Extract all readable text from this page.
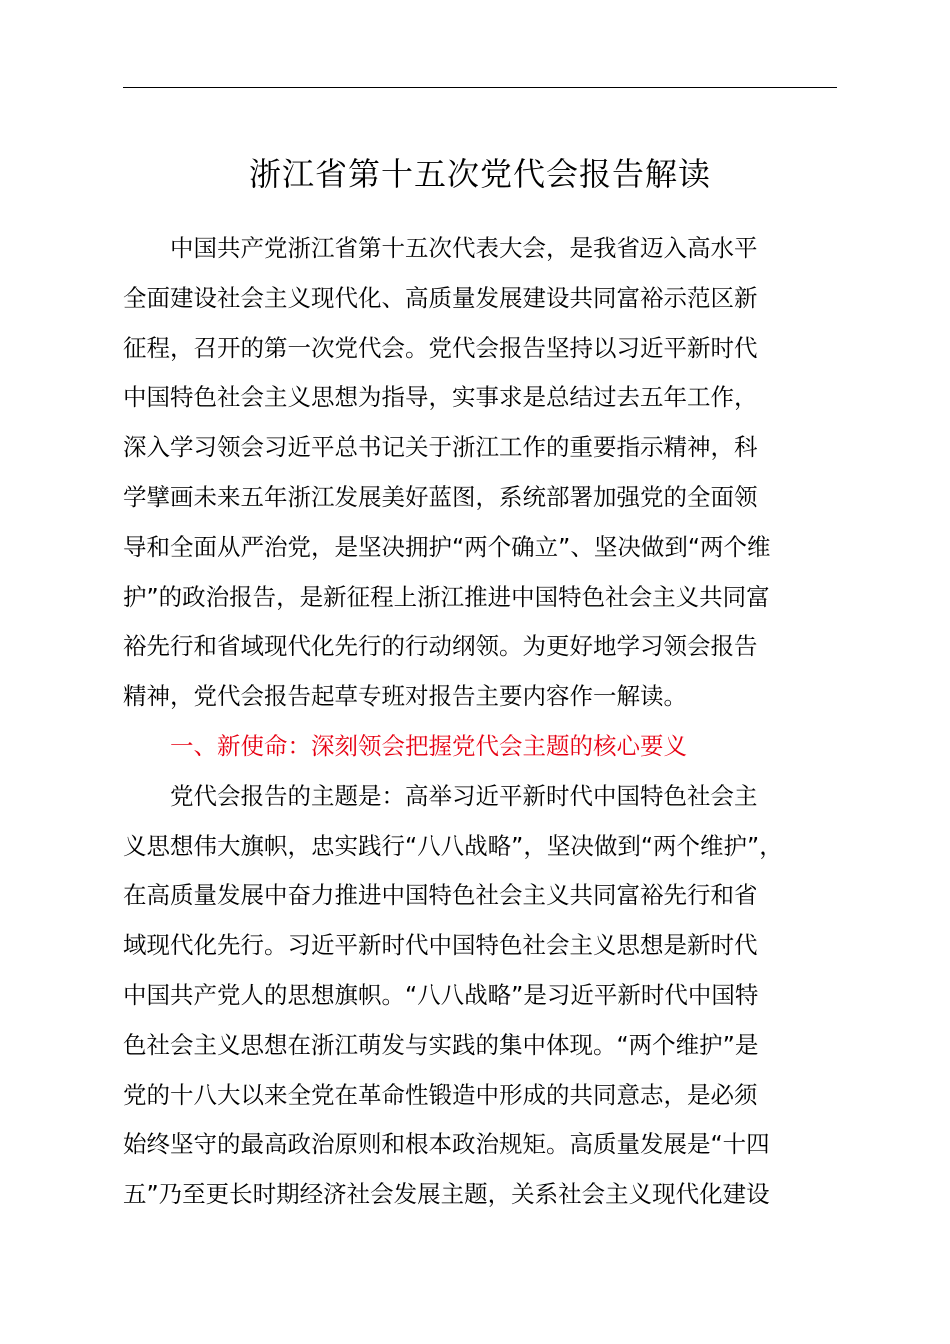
浙江省第十五次党代会报告解读
中国共产党浙江省第十五次代表大会，是我省迈入高水平
全面建设社会主义现代化、高质量发展建设共同富裕示范区新
征程，召开的第一次党代会。党代会报告坚持以习近平新时代
中国特色社会主义思想为指导，实事求是总结过去五年工作，
深入学习领会习近平总书记关于浙江工作的重要指示精神，科
学擘画未来五年浙江发展美好蓝图，系统部署加强党的全面领
导和全面从严治党，是坚决拥护“两个确立”、坚决做到“两个维
护”的政治报告，是新征程上浙江推进中国特色社会主义共同富
裕先行和省域现代化先行的行动纲领。为更好地学习领会报告
精神，党代会报告起草专班对报告主要内容作一解读。
一、新使命：深刻领会把握党代会主题的核心要义
党代会报告的主题是：高举习近平新时代中国特色社会主
义思想伟大旗帜，忠实践行“八八战略”，坚决做到“两个维护”，
在高质量发展中奋力推进中国特色社会主义共同富裕先行和省
域现代化先行。习近平新时代中国特色社会主义思想是新时代
中国共产党人的思想旗帜。“八八战略”是习近平新时代中国特
色社会主义思想在浙江萌发与实践的集中体现。“两个维护”是
党的十八大以来全党在革命性锻造中形成的共同意志，是必须
始终坚守的最高政治原则和根本政治规矩。高质量发展是“十四
五”乃至更长时期经济社会发展主题，关系社会主义现代化建设
